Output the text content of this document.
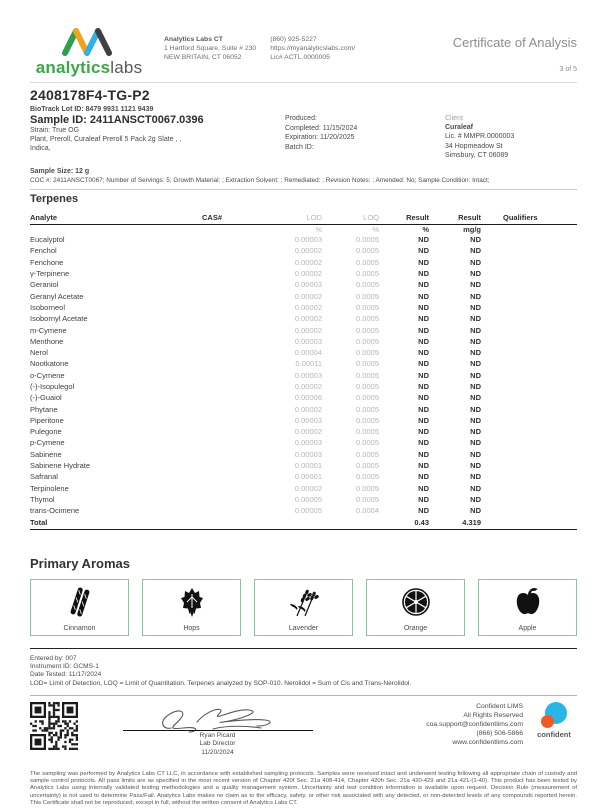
analyticslabs
Analytics Labs CT
1 Hartford Square, Suite # 230
NEW BRITAIN, CT 06052
(860) 925-5227
https://myanalyticslabs.com/
Lic# ACTL.0000005
Certificate of Analysis
3 of 5
2408178F4-TG-P2
BioTrack Lot ID: 8479 9931 1121 9439
Sample ID: 2411ANSCT0067.0396
Strain: True OG
Plant, Preroll, Curaleaf Preroll 5 Pack 2g Slate , ,
Indica,
Produced:
Completed: 11/15/2024
Expiration: 11/20/2025
Batch ID:
Client
Curaleaf
Lic. # MMPR.0000003
34 Hopmeadow St
Simsbury, CT 06089
Sample Size: 12 g
COC #: 2411ANSCT0067; Number of Servings: 5; Growth Material: ; Extraction Solvent: ; Remediated: ; Revision Notes: ; Amended: No; Sample Condition: Intact;
Terpenes
Analyte	CAS#	LOD	LOQ	Result	Result	Qualifiers
		%	%	%	mg/g	
Eucalyptol		0.00003	0.0005	ND	ND	
Fenchol		0.00002	0.0005	ND	ND	
Fenchone		0.00002	0.0005	ND	ND	
γ-Terpinene		0.00002	0.0005	ND	ND	
Geraniol		0.00003	0.0005	ND	ND	
Geranyl Acetate		0.00002	0.0005	ND	ND	
Isoborneol		0.00002	0.0005	ND	ND	
Isobornyl Acetate		0.00002	0.0005	ND	ND	
m-Cymene		0.00002	0.0005	ND	ND	
Menthone		0.00003	0.0005	ND	ND	
Nerol		0.00004	0.0005	ND	ND	
Nootkatone		0.00011	0.0005	ND	ND	
o-Cymene		0.00003	0.0005	ND	ND	
(-)-Isopulegol		0.00002	0.0005	ND	ND	
(-)-Guaiol		0.00006	0.0005	ND	ND	
Phytane		0.00002	0.0005	ND	ND	
Piperitone		0.00003	0.0005	ND	ND	
Pulegone		0.00002	0.0005	ND	ND	
p-Cymene		0.00003	0.0005	ND	ND	
Sabinene		0.00003	0.0005	ND	ND	
Sabinene Hydrate		0.00001	0.0005	ND	ND	
Safranal		0.00001	0.0005	ND	ND	
Terpinolene		0.00002	0.0005	ND	ND	
Thymol		0.00005	0.0005	ND	ND	
trans-Ocimene		0.00005	0.0004	ND	ND	
Total				0.43	4.319	
Primary Aromas
Cinnamon	Hops	Lavender	Orange	Apple
Entered by: 007
Instrument ID: GCMS-1
Date Tested: 11/17/2024
LOD= Limit of Detection, LOQ = Limit of Quantitation. Terpenes analyzed by SOP-010. Nerolidol = Sum of Cis and Trans-Nerolidol.
Ryan Picard
Lab Director
11/20/2024
Confident LIMS
All Rights Reserved
coa.support@confidentlims.com
(866) 506-5866
www.confidentlims.com
confident
The sampling was performed by Analytics Labs CT LLC, in accordance with established sampling protocols. Samples were received intact and underwent testing following all appropriate chain of custody and sample control protocols. All pass limits are as specified in the most recent version of Chapter 420f Sec. 21a 408-414, Chapter 420h Sec. 21a 420-429 and 21a 421-(1-40). This product has been tested by Analytics Labs using internally validated testing methodologies and a quality management system. Uncertainty and test condition information is available upon request. Decision Rule (measurement of uncertainty) is not used to determine Pass/Fail. Analytics Labs makes no claim as to the efficacy, safety, or other risk associated with any detected, or non-detected levels of any compounds reported herein. This Certificate shall not be reproduced, except in full, without the written consent of Analytics Labs CT.
